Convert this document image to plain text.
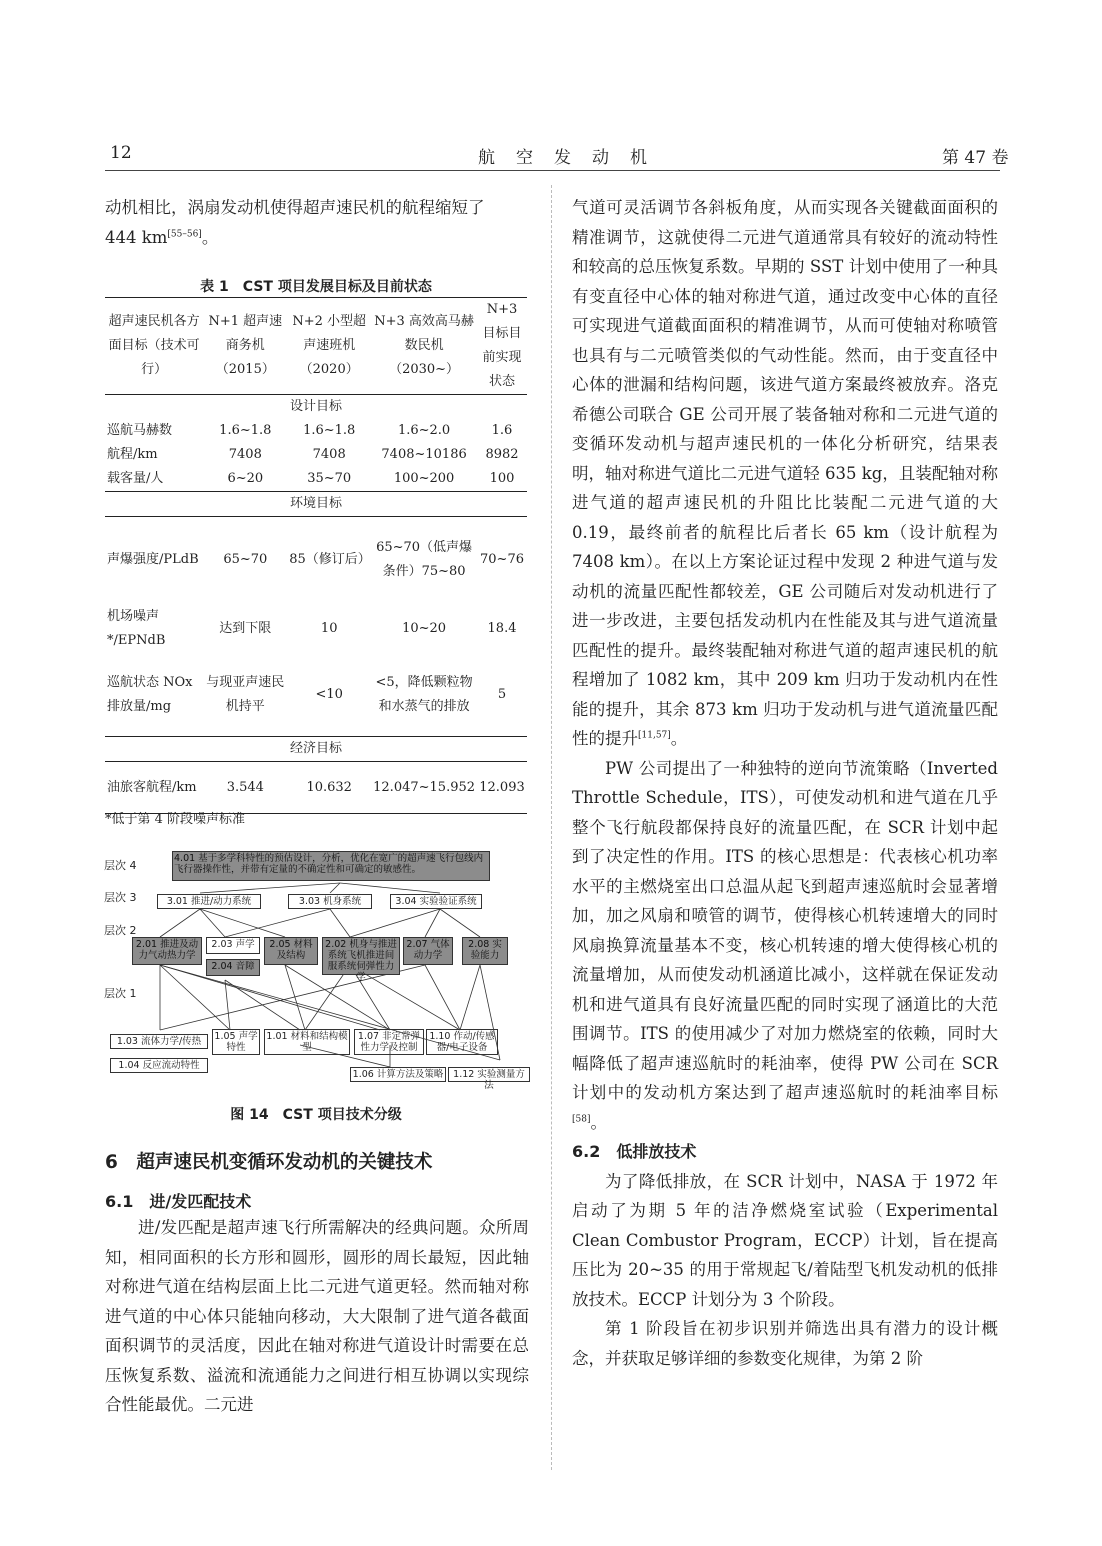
12	航　空　发　动　机	第 47 卷

动机相比，涡扇发动机使得超声速民机的航程缩短了

444 km[55–56]。

表 1　CST 项目发展目标及目前状态
超声速民机各方面目标（技术可行）	N+1 超声速商务机（2015）	N+2 小型超声速班机（2020）	N+3 高效高马赫数民机（2030~）	N+3 目标目前实现状态
设计目标				
巡航马赫数	1.6~1.8	1.6~1.8	1.6~2.0	1.6
航程/km	7408	7408	7408~10186	8982
载客量/人	6~20	35~70	100~200	100
环境目标				
声爆强度/PLdB	65~70	85（修订后）	65~70（低声爆条件）75~80	70~76
机场噪声*/EPNdB	达到下限	10	10~20	18.4
巡航状态 NOx 排放量/mg	与现亚声速民机持平	<10	<5，降低颗粒物和水蒸气的排放	5
经济目标				
油旅客航程/km	3.544	10.632	12.047~15.952	12.093
*低于第 4 阶段噪声标准
层次 4
层次 3
层次 2
层次 1
4.01 基于多学科特性的预估设计，分析，优化在宽广的超声速飞行包线内飞行器操作性，并带有定量的不确定性和可确定的敏感性。
3.01 推进/动力系统	3.03 机身系统	3.04 实验验证系统
2.01 推进及动力气动热力学
2.03 声学
2.04 音障
2.05 材料及结构
2.02 机身与推进系统飞机推进间服系统伺弹性力学
2.07 气体动力学
2.08 实验能力
1.03 流体力学/传热
1.04 反应流动特性
1.05 声学特性
1.01 材料和结构模型
1.07 非定常弹性力学及控制
1.10 作动/传感器/电子设备
1.06 计算方法及策略	1.12 实验测量方法
图 14　CST 项目技术分级
6　超声速民机变循环发动机的关键技术
6.1　进/发匹配技术

进/发匹配是超声速飞行所需解决的经典问题。众所周知，相同面积的长方形和圆形，圆形的周长最短，因此轴对称进气道在结构层面上比二元进气道更轻。然而轴对称进气道的中心体只能轴向移动，大大限制了进气道各截面面积调节的灵活度，因此在轴对称进气道设计时需要在总压恢复系数、溢流和流通能力之间进行相互协调以实现综合性能最优。二元进

气道可灵活调节各斜板角度，从而实现各关键截面面积的精准调节，这就使得二元进气道通常具有较好的流动特性和较高的总压恢复系数。早期的 SST 计划中使用了一种具有变直径中心体的轴对称进气道，通过改变中心体的直径可实现进气道截面面积的精准调节，从而可使轴对称喷管也具有与二元喷管类似的气动性能。然而，由于变直径中心体的泄漏和结构问题，该进气道方案最终被放弃。洛克希德公司联合 GE 公司开展了装备轴对称和二元进气道的变循环发动机与超声速民机的一体化分析研究，结果表明，轴对称进气道比二元进气道轻 635 kg，且装配轴对称进气道的超声速民机的升阻比比装配二元进气道的大 0.19，最终前者的航程比后者长 65 km（设计航程为 7408 km）。在以上方案论证过程中发现 2 种进气道与发动机的流量匹配性都较差，GE 公司随后对发动机进行了进一步改进，主要包括发动机内在性能及其与进气道流量匹配性的提升。最终装配轴对称进气道的超声速民机的航程增加了 1082 km，其中 209 km 归功于发动机内在性能的提升，其余 873 km 归功于发动机与进气道流量匹配性的提升[11,57]。

PW 公司提出了一种独特的逆向节流策略（Inverted Throttle Schedule，ITS），可使发动机和进气道在几乎整个飞行航段都保持良好的流量匹配，在 SCR 计划中起到了决定性的作用。ITS 的核心思想是：代表核心机功率水平的主燃烧室出口总温从起飞到超声速巡航时会显著增加，加之风扇和喷管的调节，使得核心机转速增大的同时风扇换算流量基本不变，核心机转速的增大使得核心机的流量增加，从而使发动机涵道比减小，这样就在保证发动机和进气道具有良好流量匹配的同时实现了涵道比的大范围调节。ITS 的使用减少了对加力燃烧室的依赖，同时大幅降低了超声速巡航时的耗油率，使得 PW 公司在 SCR 计划中的发动机方案达到了超声速巡航时的耗油率目标[58]。

6.2　低排放技术

为了降低排放，在 SCR 计划中，NASA 于 1972 年启动了为期 5 年的洁净燃烧室试验（Experimental Clean Combustor Program，ECCP）计划，旨在提高压比为 20~35 的用于常规起飞/着陆型飞机发动机的低排放技术。ECCP 计划分为 3 个阶段。

第 1 阶段旨在初步识别并筛选出具有潜力的设计概念，并获取足够详细的参数变化规律，为第 2 阶
